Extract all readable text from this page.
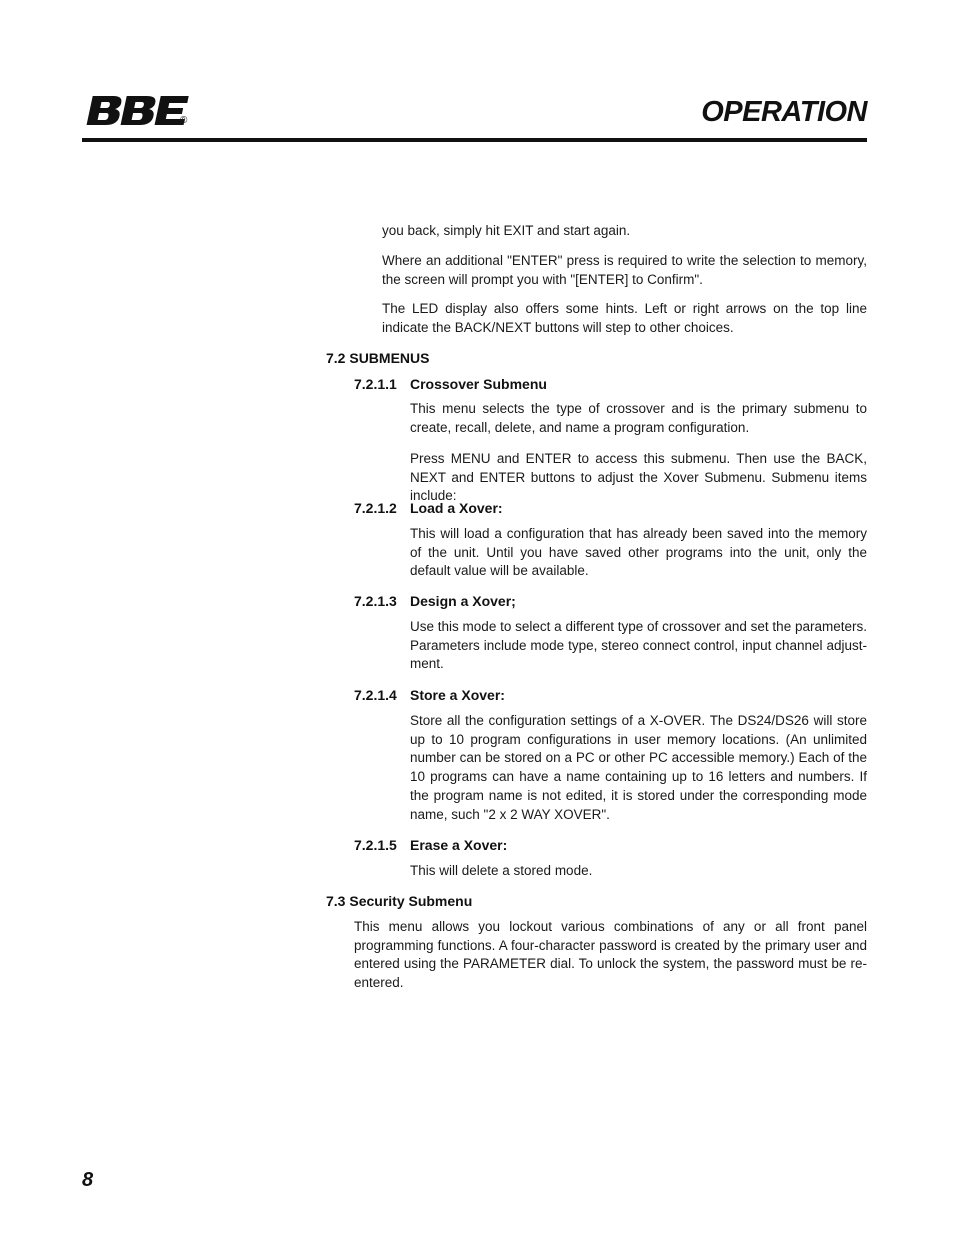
®	OPERATION

you back, simply hit EXIT and start again.

Where an additional "ENTER" press is required to write the selection to memory, the screen will prompt you with "[ENTER] to Confirm".

The LED display also offers some hints. Left or right arrows on the top line indicate the BACK/NEXT buttons will step to other choices.

7.2 SUBMENUS
7.2.1.1 Crossover Submenu

This menu selects the type of crossover and is the primary submenu to create, recall, delete, and name a program configuration.

Press MENU and ENTER to access this submenu. Then use the BACK, NEXT and ENTER buttons to adjust the Xover Submenu. Submenu items include:

7.2.1.2 Load a Xover:

This will load a configuration that has already been saved into the memory of the unit. Until you have saved other programs into the unit, only the default value will be available.

7.2.1.3 Design a Xover;

Use this mode to select a different type of crossover and set the parameters. Parameters include mode type, stereo connect control, input channel adjust-ment.

7.2.1.4 Store a Xover:

Store all the configuration settings of a X-OVER. The DS24/DS26 will store up to 10 program configurations in user memory locations. (An unlimited number can be stored on a PC or other PC accessible memory.) Each of the 10 programs can have a name containing up to 16 letters and numbers. If the program name is not edited, it is stored under the corresponding mode name, such "2 x 2 WAY XOVER".

7.2.1.5 Erase a Xover:

This will delete a stored mode.

7.3 Security Submenu

This menu allows you lockout various combinations of any or all front panel programming functions. A four-character password is created by the primary user and entered using the PARAMETER dial. To unlock the system, the password must be re-entered.

8
